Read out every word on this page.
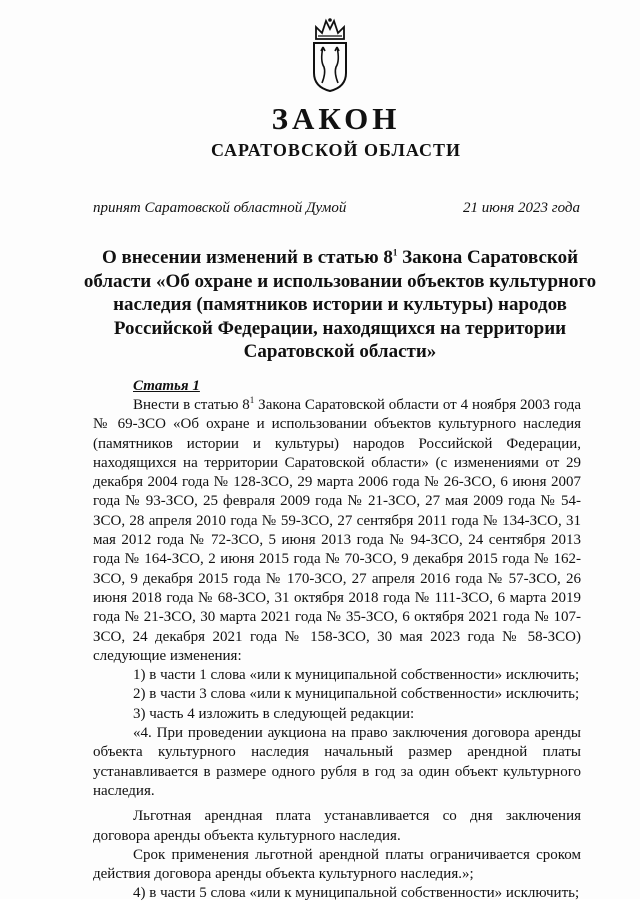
ЗАКОН
САРАТОВСКОЙ ОБЛАСТИ
принят Саратовской областной Думой	21 июня 2023 года
О внесении изменений в статью $8^1$ Закона Саратовской
области «Об охране и использовании объектов культурного наследия (памятников истории и культуры) народов Российской Федерации, находящихся на территории Саратовской области»
Статья 1

Внести в статью $8^1$ Закона Саратовской области от 4 ноября 2003 года № 69-ЗСО «Об охране и использовании объектов культурного наследия (памятников истории и культуры) народов Российской Федерации, находящихся на территории Саратовской области» (с изменениями от 29 декабря 2004 года № 128-ЗСО, 29 марта 2006 года № 26-ЗСО, 6 июня 2007 года № 93-ЗСО, 25 февраля 2009 года № 21-ЗСО, 27 мая 2009 года № 54-ЗСО, 28 апреля 2010 года № 59-ЗСО, 27 сентября 2011 года № 134-ЗСО, 31 мая 2012 года № 72-ЗСО, 5 июня 2013 года № 94-ЗСО, 24 сентября 2013 года № 164-ЗСО, 2 июня 2015 года № 70-ЗСО, 9 декабря 2015 года № 162-ЗСО, 9 декабря 2015 года № 170-ЗСО, 27 апреля 2016 года № 57-ЗСО, 26 июня 2018 года № 68-ЗСО, 31 октября 2018 года № 111-ЗСО, 6 марта 2019 года № 21-ЗСО, 30 марта 2021 года № 35-ЗСО, 6 октября 2021 года № 107-ЗСО, 24 декабря 2021 года № 158-ЗСО, 30 мая 2023 года № 58-ЗСО) следующие изменения:

1) в части 1 слова «или к муниципальной собственности» исключить;

2) в части 3 слова «или к муниципальной собственности» исключить;

3) часть 4 изложить в следующей редакции:

«4. При проведении аукциона на право заключения договора аренды объекта культурного наследия начальный размер арендной платы устанавливается в размере одного рубля в год за один объект культурного наследия.

Льготная арендная плата устанавливается со дня заключения договора аренды объекта культурного наследия.

Срок применения льготной арендной платы ограничивается сроком действия договора аренды объекта культурного наследия.»;

4) в части 5 слова «или к муниципальной собственности» исключить;
